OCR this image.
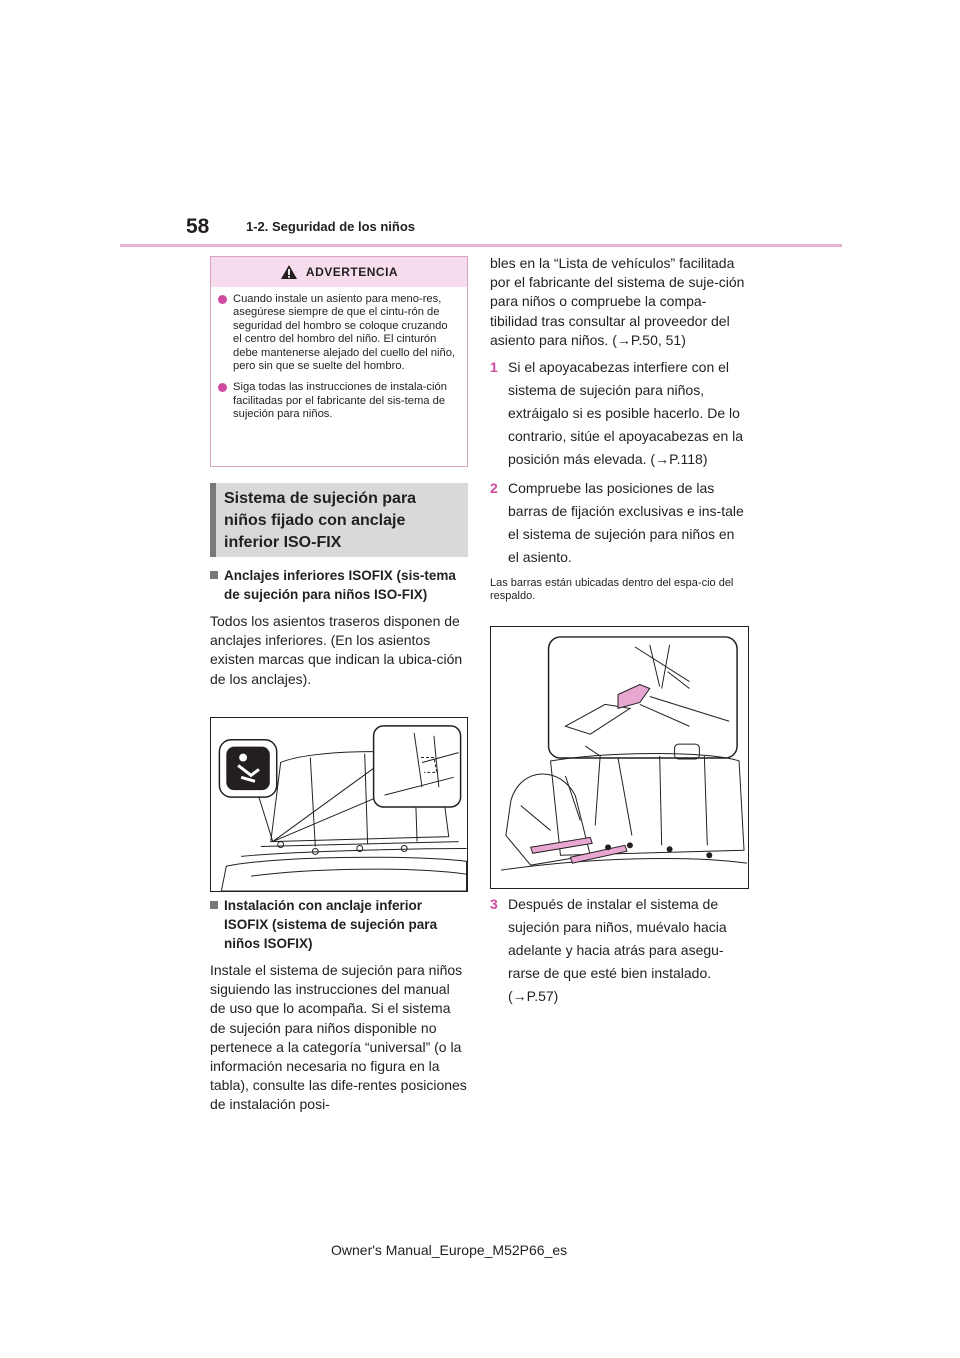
58	1-2. Seguridad de los niños
ADVERTENCIA
Cuando instale un asiento para meno-res, asegúrese siempre de que el cintu-rón de seguridad del hombro se coloque cruzando el centro del hombro del niño. El cinturón debe mantenerse alejado del cuello del niño, pero sin que se suelte del hombro.
Siga todas las instrucciones de instala-ción facilitadas por el fabricante del sis-tema de sujeción para niños.
Sistema de sujeción para niños fijado con anclaje inferior ISO-FIX
Anclajes inferiores ISOFIX (sis-tema de sujeción para niños ISO-FIX)
Todos los asientos traseros disponen de anclajes inferiores. (En los asientos existen marcas que indican la ubica-ción de los anclajes).
Instalación con anclaje inferior ISOFIX (sistema de sujeción para niños ISOFIX)
Instale el sistema de sujeción para niños siguiendo las instrucciones del manual de uso que lo acompaña. Si el sistema de sujeción para niños disponible no pertenece a la categoría “universal” (o la información necesaria no figura en la tabla), consulte las dife-rentes posiciones de instalación posi-
bles en la “Lista de vehículos” facilitada por el fabricante del sistema de suje-ción para niños o compruebe la compa-tibilidad tras consultar al proveedor del asiento para niños. (→P.50, 51)
1 Si el apoyacabezas interfiere con el sistema de sujeción para niños, extráigalo si es posible hacerlo. De lo contrario, sitúe el apoyacabezas en la posición más elevada. (→P.118)
2 Compruebe las posiciones de las barras de fijación exclusivas e ins-tale el sistema de sujeción para niños en el asiento.
Las barras están ubicadas dentro del espa-cio del respaldo.
3 Después de instalar el sistema de sujeción para niños, muévalo hacia adelante y hacia atrás para asegu-rarse de que esté bien instalado. (→P.57)
Owner's Manual_Europe_M52P66_es
